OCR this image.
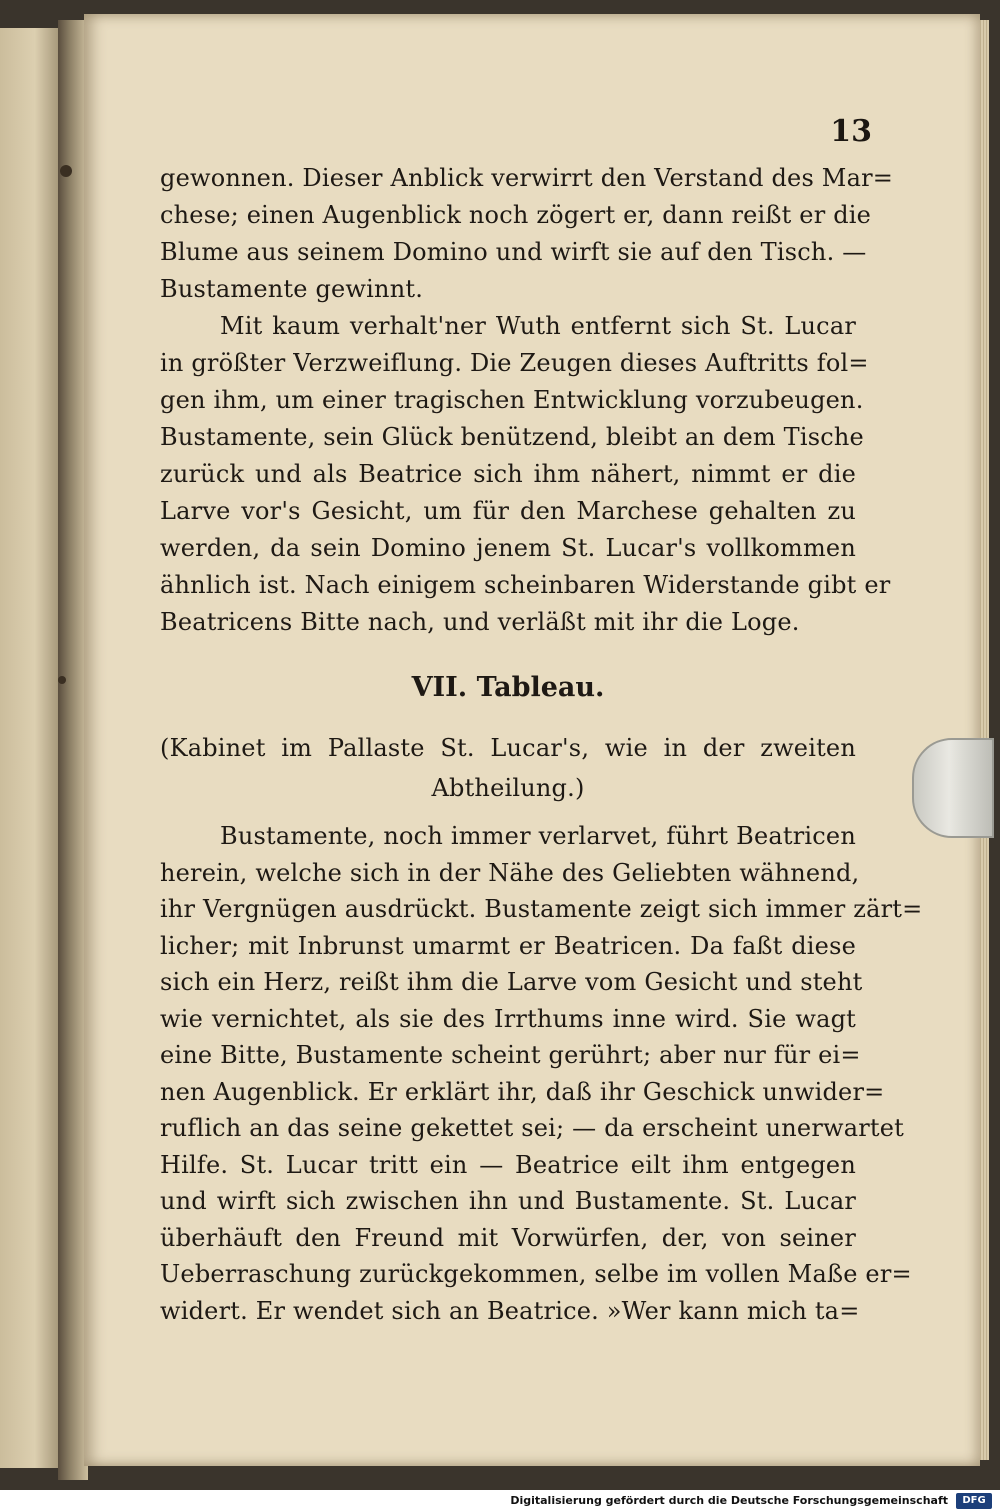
13
gewonnen. Dieser Anblick verwirrt den Verstand des Mar=
chese; einen Augenblick noch zögert er, dann reißt er die
Blume aus seinem Domino und wirft sie auf den Tisch. —
Bustamente gewinnt.
Mit kaum verhalt'ner Wuth entfernt sich St. Lucar
in größter Verzweiflung. Die Zeugen dieses Auftritts fol=
gen ihm, um einer tragischen Entwicklung vorzubeugen.
Bustamente, sein Glück benützend, bleibt an dem Tische
zurück und als Beatrice sich ihm nähert, nimmt er die
Larve vor's Gesicht, um für den Marchese gehalten zu
werden, da sein Domino jenem St. Lucar's vollkommen
ähnlich ist. Nach einigem scheinbaren Widerstande gibt er
Beatricens Bitte nach, und verläßt mit ihr die Loge.
VII. Tableau.
(Kabinet im Pallaste St. Lucar's, wie in der zweiten
Abtheilung.)
Bustamente, noch immer verlarvet, führt Beatricen
herein, welche sich in der Nähe des Geliebten wähnend,
ihr Vergnügen ausdrückt. Bustamente zeigt sich immer zärt=
licher; mit Inbrunst umarmt er Beatricen. Da faßt diese
sich ein Herz, reißt ihm die Larve vom Gesicht und steht
wie vernichtet, als sie des Irrthums inne wird. Sie wagt
eine Bitte, Bustamente scheint gerührt; aber nur für ei=
nen Augenblick. Er erklärt ihr, daß ihr Geschick unwider=
ruflich an das seine gekettet sei; — da erscheint unerwartet
Hilfe. St. Lucar tritt ein — Beatrice eilt ihm entgegen
und wirft sich zwischen ihn und Bustamente. St. Lucar
überhäuft den Freund mit Vorwürfen, der, von seiner
Ueberraschung zurückgekommen, selbe im vollen Maße er=
widert. Er wendet sich an Beatrice. »Wer kann mich ta=
Digitalisierung gefördert durch die Deutsche Forschungsgemeinschaft	DFG
